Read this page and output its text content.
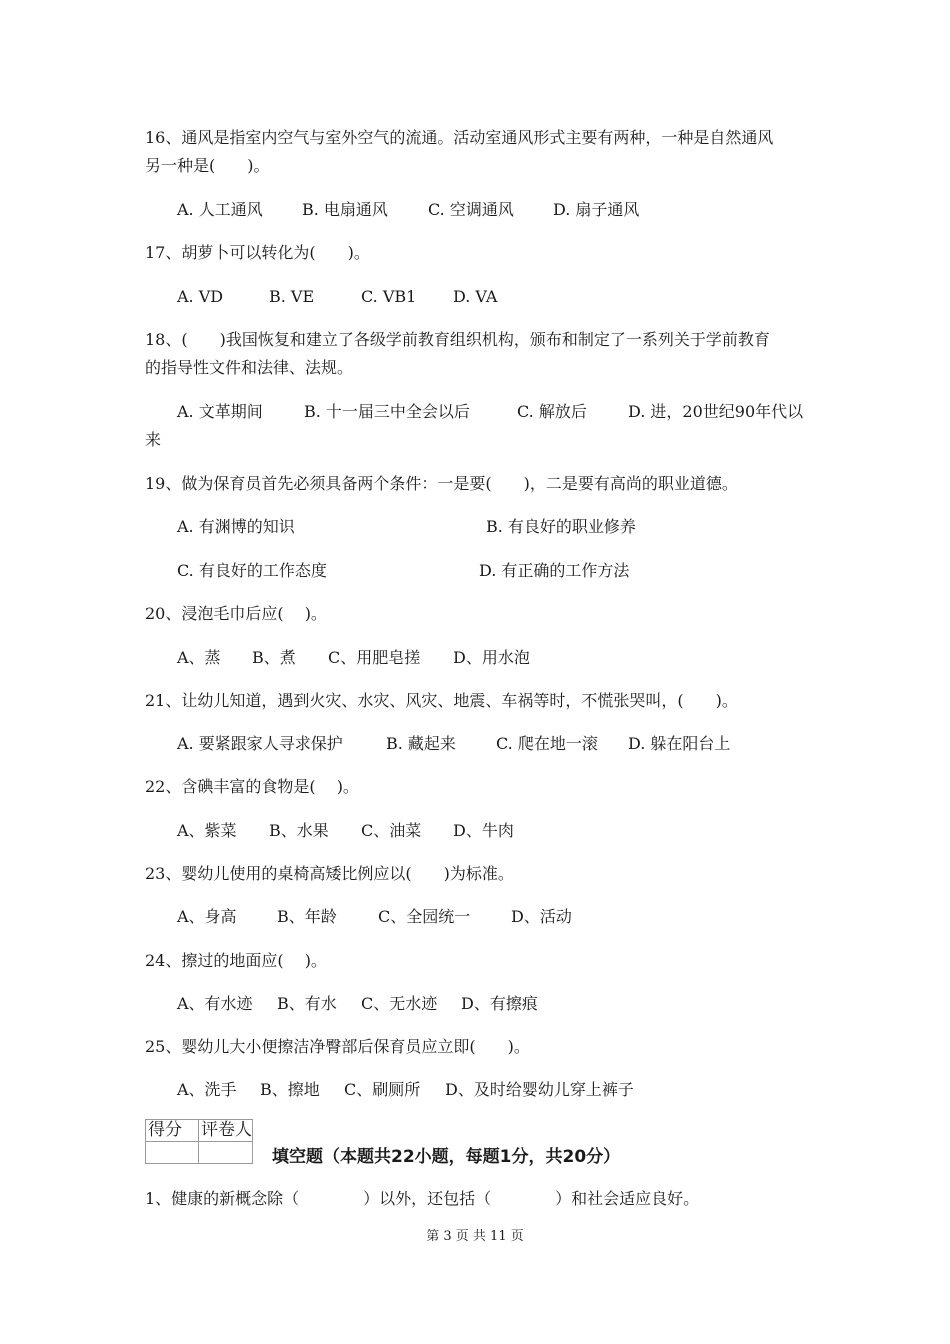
16、通风是指室内空气与室外空气的流通。活动室通风形式主要有两种，一种是自然通风
另一种是(　　)。
A. 人工通风 B. 电扇通风	C. 空调通风 D. 扇子通风
17、胡萝卜可以转化为(　　)。
A. VD	B. VE	C. VB1 D. VA
18、(　　)我国恢复和建立了各级学前教育组织机构，颁布和制定了一系列关于学前教育
的指导性文件和法律、法规。
A. 文革期间	B. 十一届三中全会以后	C. 解放后	D. 进，20世纪90年代以
来
19、做为保育员首先必须具备两个条件：一是要(　　)，二是要有高尚的职业道德。
A. 有渊博的知识	B. 有良好的职业修养
C. 有良好的工作态度	D. 有正确的工作方法
20、浸泡毛巾后应(　 )。
A、蒸 B、煮 C、用肥皂搓 D、用水泡
21、让幼儿知道，遇到火灾、水灾、风灾、地震、车祸等时，不慌张哭叫，(　　)。
A. 要紧跟家人寻求保护	B. 藏起来	C. 爬在地一滚 D. 躲在阳台上
22、含碘丰富的食物是(　 )。
A、紫菜 B、水果 C、油菜 D、牛肉
23、婴幼儿使用的桌椅高矮比例应以(　　)为标准。
A、身高	B、年龄	C、全园统一	D、活动
24、擦过的地面应(　 )。
A、有水迹 B、有水 C、无水迹 D、有擦痕
25、婴幼儿大小便擦洁净臀部后保育员应立即(　　)。
A、洗手 B、擦地 C、刷厕所 D、及时给婴幼儿穿上裤子
得分	评卷人

填空题（本题共22小题，每题1分，共20分）
1、健康的新概念除（　　　　）以外，还包括（　　　　）和社会适应良好。
第 3 页 共 11 页
